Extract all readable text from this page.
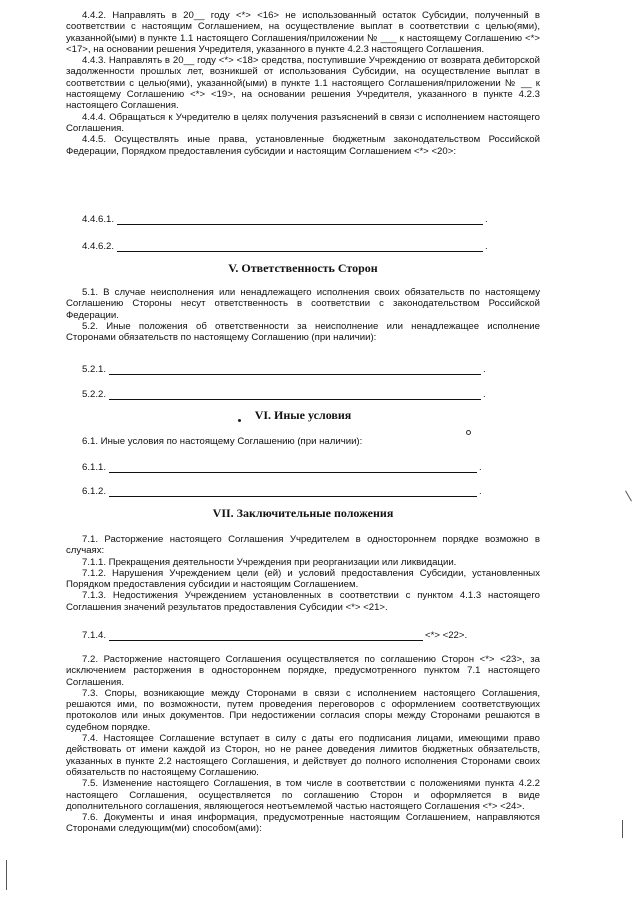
4.4.2. Направлять в 20__ году <*> <16> не использованный остаток Субсидии, полученный в соответствии с настоящим Соглашением, на осуществление выплат в соответствии с целью(ями), указанной(ыми) в пункте 1.1 настоящего Соглашения/приложении № ___ к настоящему Соглашению <*> <17>, на основании решения Учредителя, указанного в пункте 4.2.3 настоящего Соглашения.

4.4.3. Направлять в 20__ году <*> <18> средства, поступившие Учреждению от возврата дебиторской задолженности прошлых лет, возникшей от использования Субсидии, на осуществление выплат в соответствии с целью(ями), указанной(ыми) в пункте 1.1 настоящего Соглашения/приложении № __ к настоящему Соглашению <*> <19>, на основании решения Учредителя, указанного в пункте 4.2.3 настоящего Соглашения.

4.4.4. Обращаться к Учредителю в целях получения разъяснений в связи с исполнением настоящего Соглашения.

4.4.5. Осуществлять иные права, установленные бюджетным законодательством Российской Федерации, Порядком предоставления субсидии и настоящим Соглашением <*> <20>:

4.4.6.1.	.
4.4.6.2.	.
V. Ответственность Сторон

5.1. В случае неисполнения или ненадлежащего исполнения своих обязательств по настоящему Соглашению Стороны несут ответственность в соответствии с законодательством Российской Федерации.

5.2. Иные положения об ответственности за неисполнение или ненадлежащее исполнение Сторонами обязательств по настоящему Соглашению (при наличии):

5.2.1.	.
5.2.2.	.
VI. Иные условия

6.1. Иные условия по настоящему Соглашению (при наличии):

6.1.1.	.
6.1.2.	.
VII. Заключительные положения

7.1. Расторжение настоящего Соглашения Учредителем в одностороннем порядке возможно в случаях:

7.1.1. Прекращения деятельности Учреждения при реорганизации или ликвидации.

7.1.2. Нарушения Учреждением цели (ей) и условий предоставления Субсидии, установленных Порядком предоставления субсидии и настоящим Соглашением.

7.1.3. Недостижения Учреждением установленных в соответствии с пунктом 4.1.3 настоящего Соглашения значений результатов предоставления Субсидии <*> <21>.

7.1.4.	<*> <22>.

7.2. Расторжение настоящего Соглашения осуществляется по соглашению Сторон <*> <23>, за исключением расторжения в одностороннем порядке, предусмотренного пунктом 7.1 настоящего Соглашения.

7.3. Споры, возникающие между Сторонами в связи с исполнением настоящего Соглашения, решаются ими, по возможности, путем проведения переговоров с оформлением соответствующих протоколов или иных документов. При недостижении согласия споры между Сторонами решаются в судебном порядке.

7.4. Настоящее Соглашение вступает в силу с даты его подписания лицами, имеющими право действовать от имени каждой из Сторон, но не ранее доведения лимитов бюджетных обязательств, указанных в пункте 2.2 настоящего Соглашения, и действует до полного исполнения Сторонами своих обязательств по настоящему Соглашению.

7.5. Изменение настоящего Соглашения, в том числе в соответствии с положениями пункта 4.2.2 настоящего Соглашения, осуществляется по соглашению Сторон и оформляется в виде дополнительного соглашения, являющегося неотъемлемой частью настоящего Соглашения <*> <24>.

7.6. Документы и иная информация, предусмотренные настоящим Соглашением, направляются Сторонами следующим(ми) способом(ами):
